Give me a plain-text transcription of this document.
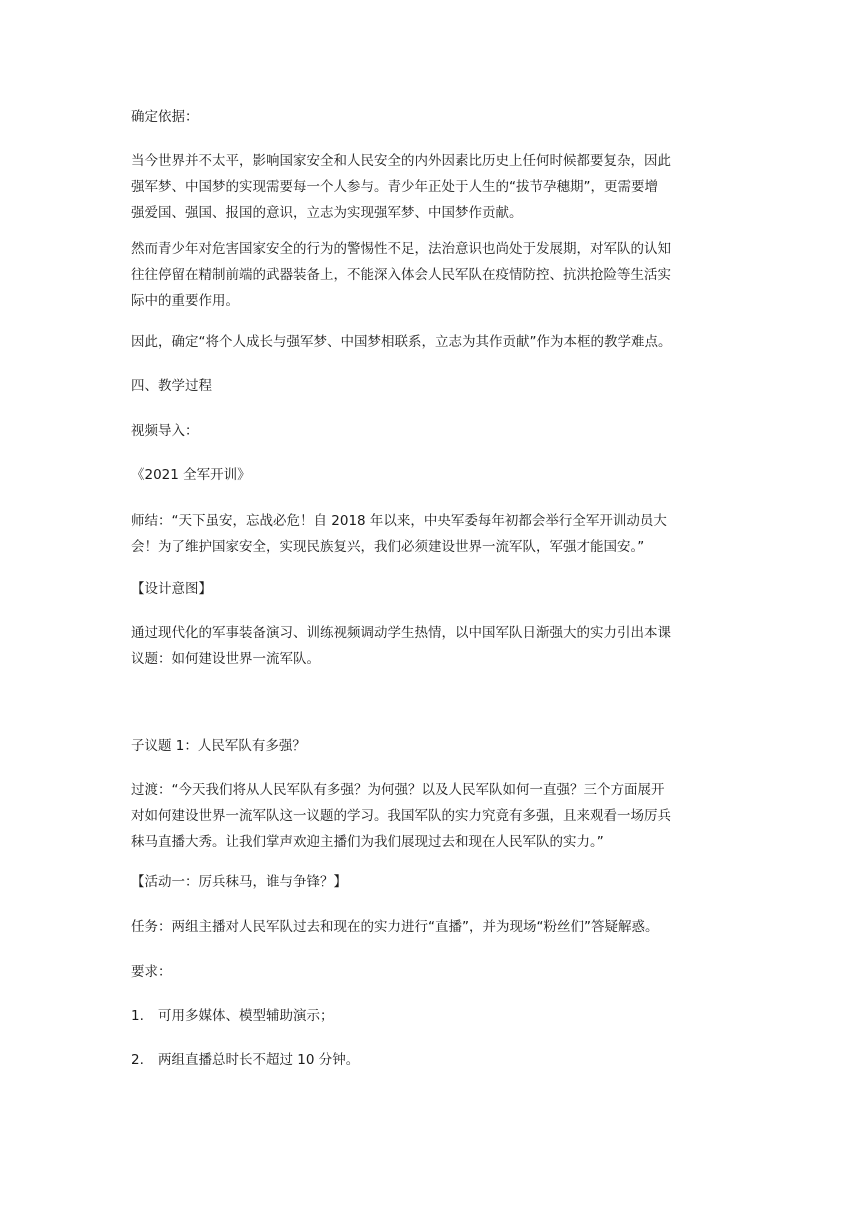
确定依据：

当今世界并不太平，影响国家安全和人民安全的内外因素比历史上任何时候都要复杂，因此
强军梦、中国梦的实现需要每一个人参与。青少年正处于人生的“拔节孕穗期”，更需要增
强爱国、强国、报国的意识，立志为实现强军梦、中国梦作贡献。
然而青少年对危害国家安全的行为的警惕性不足，法治意识也尚处于发展期，对军队的认知
往往停留在精制前端的武器装备上，不能深入体会人民军队在疫情防控、抗洪抢险等生活实
际中的重要作用。

因此，确定“将个人成长与强军梦、中国梦相联系，立志为其作贡献”作为本框的教学难点。

四、教学过程

视频导入：

《2021 全军开训》

师结：“天下虽安，忘战必危！自 2018 年以来，中央军委每年初都会举行全军开训动员大
会！为了维护国家安全，实现民族复兴，我们必须建设世界一流军队，军强才能国安。”

【设计意图】

通过现代化的军事装备演习、训练视频调动学生热情，以中国军队日渐强大的实力引出本课
议题：如何建设世界一流军队。

子议题 1：人民军队有多强？

过渡：“今天我们将从人民军队有多强？为何强？以及人民军队如何一直强？三个方面展开
对如何建设世界一流军队这一议题的学习。我国军队的实力究竟有多强，且来观看一场厉兵
秣马直播大秀。让我们掌声欢迎主播们为我们展现过去和现在人民军队的实力。”

【活动一：厉兵秣马，谁与争锋？】

任务：两组主播对人民军队过去和现在的实力进行“直播”，并为现场“粉丝们”答疑解惑。

要求：

1. 可用多媒体、模型辅助演示；
2. 两组直播总时长不超过 10 分钟。
